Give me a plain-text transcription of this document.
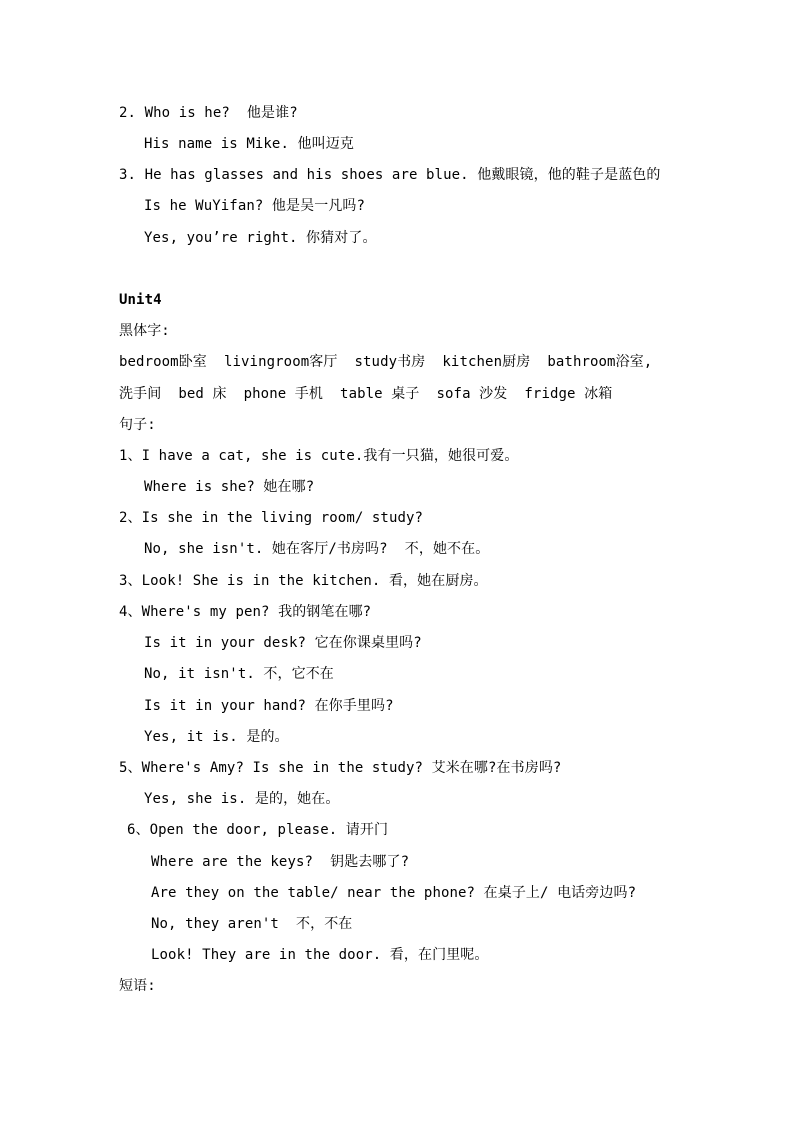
2. Who is he?  他是谁?
His name is Mike. 他叫迈克
3. He has glasses and his shoes are blue. 他戴眼镜，他的鞋子是蓝色的
Is he WuYifan? 他是吴一凡吗?
Yes, you’re right. 你猜对了。
Unit4
黑体字:
bedroom卧室  livingroom客厅  study书房  kitchen厨房  bathroom浴室,
洗手间  bed 床  phone 手机  table 桌子  sofa 沙发  fridge 冰箱
句子:
1、I have a cat, she is cute.我有一只猫，她很可爱。
Where is she? 她在哪?
2、Is she in the living room/ study?
No, she isn't. 她在客厅/书房吗?  不，她不在。
3、Look! She is in the kitchen. 看，她在厨房。
4、Where's my pen? 我的钢笔在哪?
Is it in your desk? 它在你课桌里吗?
No, it isn't. 不，它不在
Is it in your hand? 在你手里吗?
Yes, it is. 是的。
5、Where's Amy? Is she in the study? 艾米在哪?在书房吗?
Yes, she is. 是的，她在。
6、Open the door, please. 请开门
Where are the keys?  钥匙去哪了?
Are they on the table/ near the phone? 在桌子上/ 电话旁边吗?
No, they aren't  不，不在
Look! They are in the door. 看，在门里呢。
短语:
